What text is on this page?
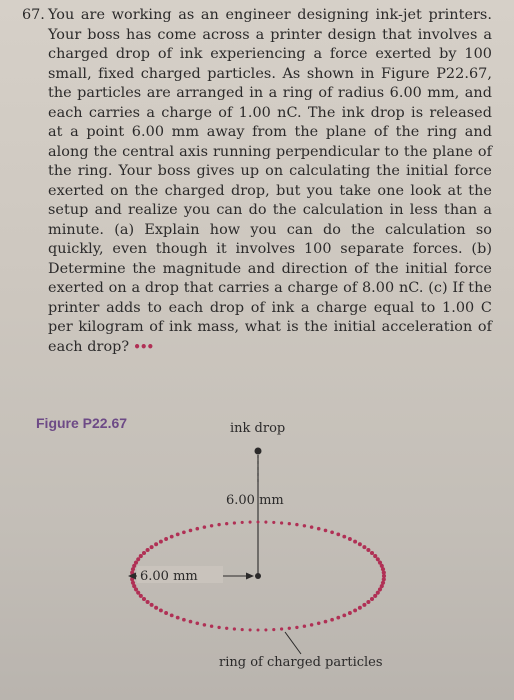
67. You are working as an engineer designing ink-jet printers. Your boss has come across a printer design that involves a charged drop of ink experiencing a force exerted by 100 small, fixed charged particles. As shown in Figure P22.67, the particles are arranged in a ring of radius 6.00 mm, and each carries a charge of 1.00 nC. The ink drop is released at a point 6.00 mm away from the plane of the ring and along the central axis running perpendicular to the plane of the ring. Your boss gives up on calculating the initial force exerted on the charged drop, but you take one look at the setup and realize you can do the calculation in less than a minute. (a) Explain how you can do the calculation so quickly, even though it involves 100 separate forces. (b) Determine the magnitude and direction of the initial force exerted on a drop that carries a charge of 8.00 nC. (c) If the printer adds to each drop of ink a charge equal to 1.00 C per kilogram of ink mass, what is the initial acceleration of each drop? •••
Figure P22.67	ink drop
6.00 mm
6.00 mm
ring of charged particles
